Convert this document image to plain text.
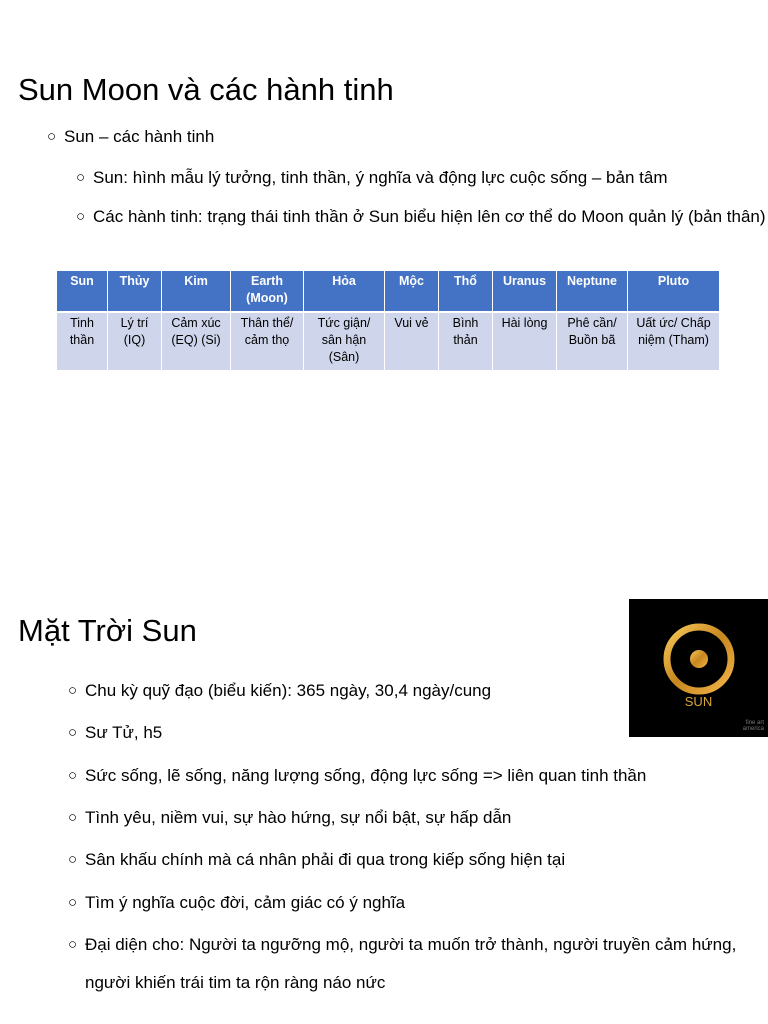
Sun Moon và các hành tinh
○ Sun – các hành tinh
○ Sun: hình mẫu lý tưởng, tinh thần, ý nghĩa và động lực cuộc sống – bản tâm
○ Các hành tinh: trạng thái tinh thần ở Sun biểu hiện lên cơ thể do Moon quản lý (bản thân)
Sun	Thủy	Kim	Earth (Moon)	Hỏa	Mộc	Thổ	Uranus	Neptune	Pluto
Tinh thần	Lý trí (IQ)	Cảm xúc (EQ) (Si)	Thân thể/ cảm thọ	Tức giận/ sân hận (Sân)	Vui vẻ	Bình thản	Hài lòng	Phê cần/ Buồn bã	Uất ức/ Chấp niệm (Tham)
Mặt Trời Sun
SUN
fine art america
○ Chu kỳ quỹ đạo (biểu kiến): 365 ngày, 30,4 ngày/cung
○ Sư Tử, h5
○ Sức sống, lẽ sống, năng lượng sống, động lực sống => liên quan tinh thần
○ Tình yêu, niềm vui, sự hào hứng, sự nổi bật, sự hấp dẫn
○ Sân khấu chính mà cá nhân phải đi qua trong kiếp sống hiện tại
○ Tìm ý nghĩa cuộc đời, cảm giác có ý nghĩa
○ Đại diện cho: Người ta ngưỡng mộ, người ta muốn trở thành, người truyền cảm hứng, người khiến trái tim ta rộn ràng náo nức
